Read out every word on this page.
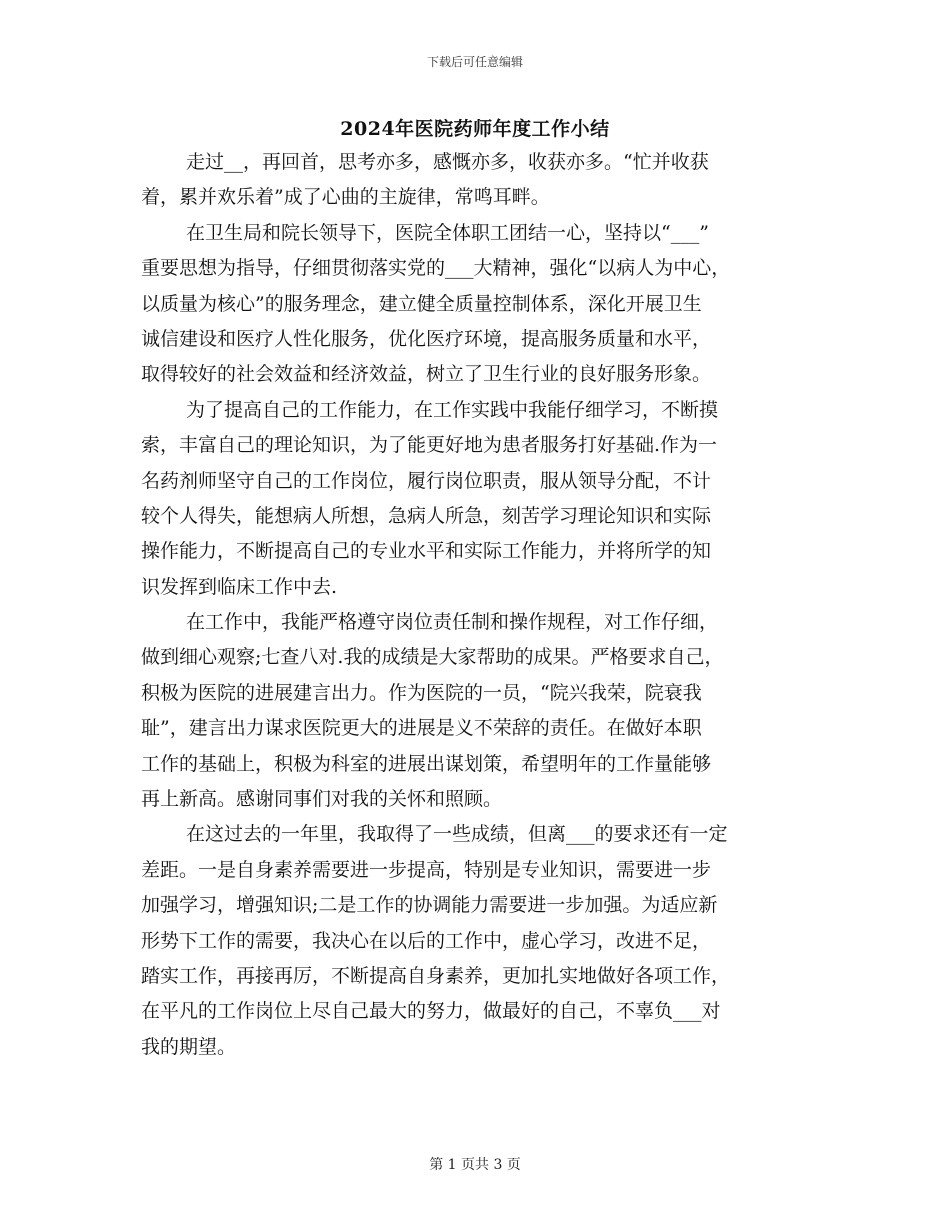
下载后可任意编辑
2024年医院药师年度工作小结
走过__，再回首，思考亦多，感慨亦多，收获亦多。“忙并收获
着，累并欢乐着”成了心曲的主旋律，常鸣耳畔。
在卫生局和院长领导下，医院全体职工团结一心，坚持以“___”
重要思想为指导，仔细贯彻落实党的___大精神，强化“以病人为中心，
以质量为核心”的服务理念，建立健全质量控制体系，深化开展卫生
诚信建设和医疗人性化服务，优化医疗环境，提高服务质量和水平，
取得较好的社会效益和经济效益，树立了卫生行业的良好服务形象。
为了提高自己的工作能力，在工作实践中我能仔细学习，不断摸
索，丰富自己的理论知识，为了能更好地为患者服务打好基础.作为一
名药剂师坚守自己的工作岗位，履行岗位职责，服从领导分配，不计
较个人得失，能想病人所想，急病人所急，刻苦学习理论知识和实际
操作能力，不断提高自己的专业水平和实际工作能力，并将所学的知
识发挥到临床工作中去.
在工作中，我能严格遵守岗位责任制和操作规程，对工作仔细，
做到细心观察;七查八对.我的成绩是大家帮助的成果。严格要求自己，
积极为医院的进展建言出力。作为医院的一员，“院兴我荣，院衰我
耻”，建言出力谋求医院更大的进展是义不荣辞的责任。在做好本职
工作的基础上，积极为科室的进展出谋划策，希望明年的工作量能够
再上新高。感谢同事们对我的关怀和照顾。
在这过去的一年里，我取得了一些成绩，但离___的要求还有一定
差距。一是自身素养需要进一步提高，特别是专业知识，需要进一步
加强学习，增强知识;二是工作的协调能力需要进一步加强。为适应新
形势下工作的需要，我决心在以后的工作中，虚心学习，改进不足，
踏实工作，再接再厉，不断提高自身素养，更加扎实地做好各项工作，
在平凡的工作岗位上尽自己最大的努力，做最好的自己，不辜负___对
我的期望。
第 1 页共 3 页
